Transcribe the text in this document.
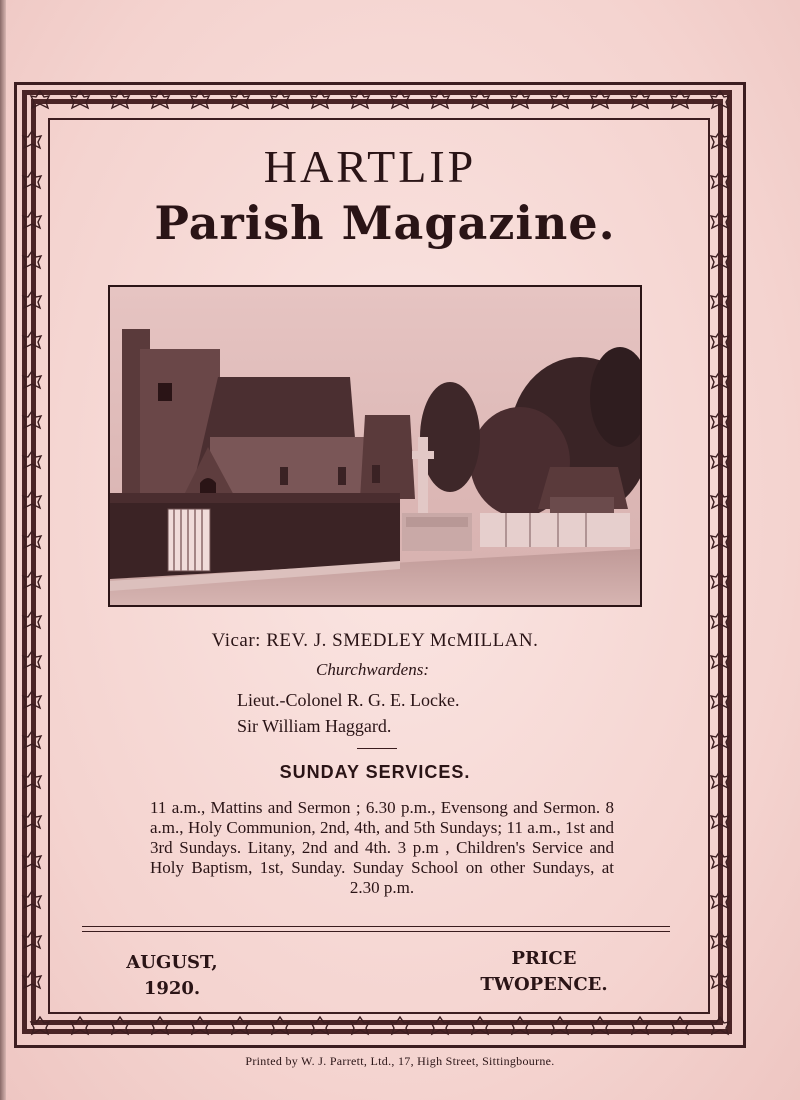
HARTLIP
Parish Magazine.
Vicar: REV. J. SMEDLEY McMILLAN.
Churchwardens:
Lieut.-Colonel R. G. E. Locke.
Sir William Haggard.
SUNDAY SERVICES.
11 a.m., Mattins and Sermon ; 6.30 p.m., Evensong and Sermon. 8 a.m., Holy Communion, 2nd, 4th, and 5th Sundays; 11 a.m., 1st and 3rd Sundays. Litany, 2nd and 4th. 3 p.m , Children's Service and Holy Baptism, 1st, Sunday. Sunday School on other Sundays, at 2.30 p.m.
AUGUST,
1920.
PRICE
TWOPENCE.
Printed by W. J. Parrett, Ltd., 17, High Street, Sittingbourne.
